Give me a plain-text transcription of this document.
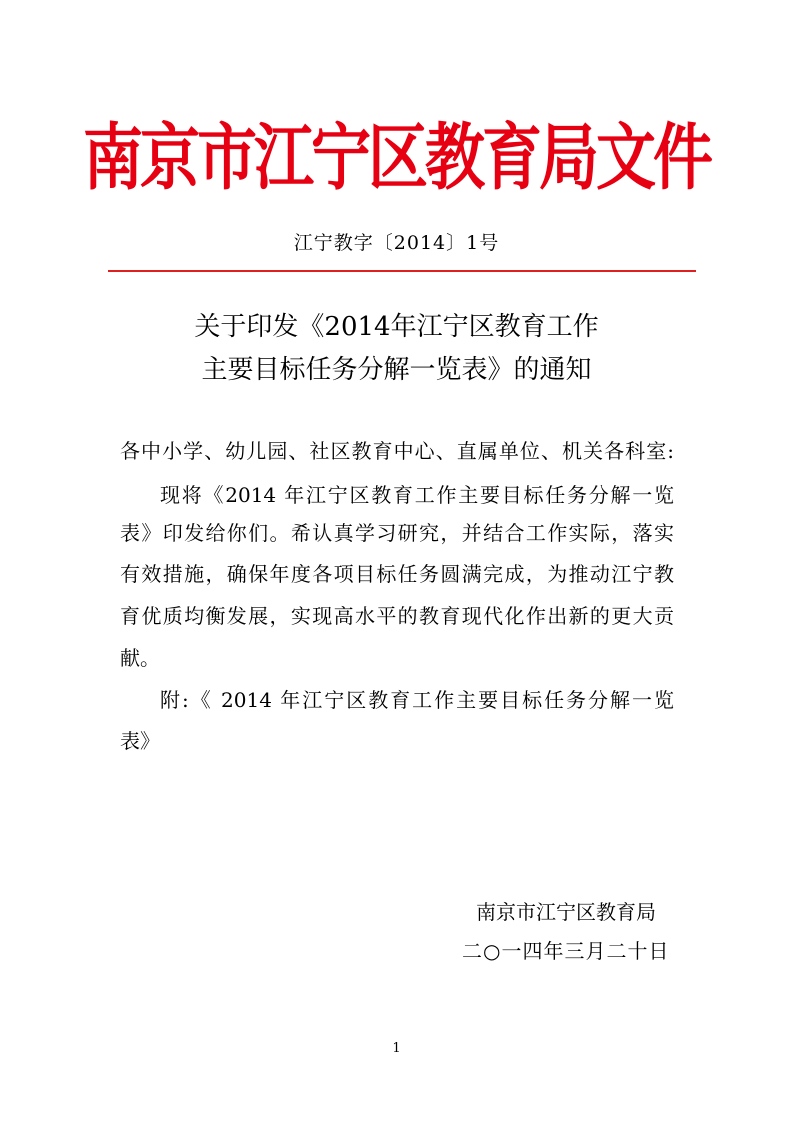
南京市江宁区教育局文件
江宁教字〔2014〕1号
关于印发《2014年江宁区教育工作
主要目标任务分解一览表》的通知
各中小学、幼儿园、社区教育中心、直属单位、机关各科室:
现将《2014 年江宁区教育工作主要目标任务分解一览
表》印发给你们。希认真学习研究，并结合工作实际，落实
有效措施，确保年度各项目标任务圆满完成，为推动江宁教
育优质均衡发展，实现高水平的教育现代化作出新的更大贡
献。
附:《 2014 年江宁区教育工作主要目标任务分解一览
表》
南京市江宁区教育局
二○一四年三月二十日
1
